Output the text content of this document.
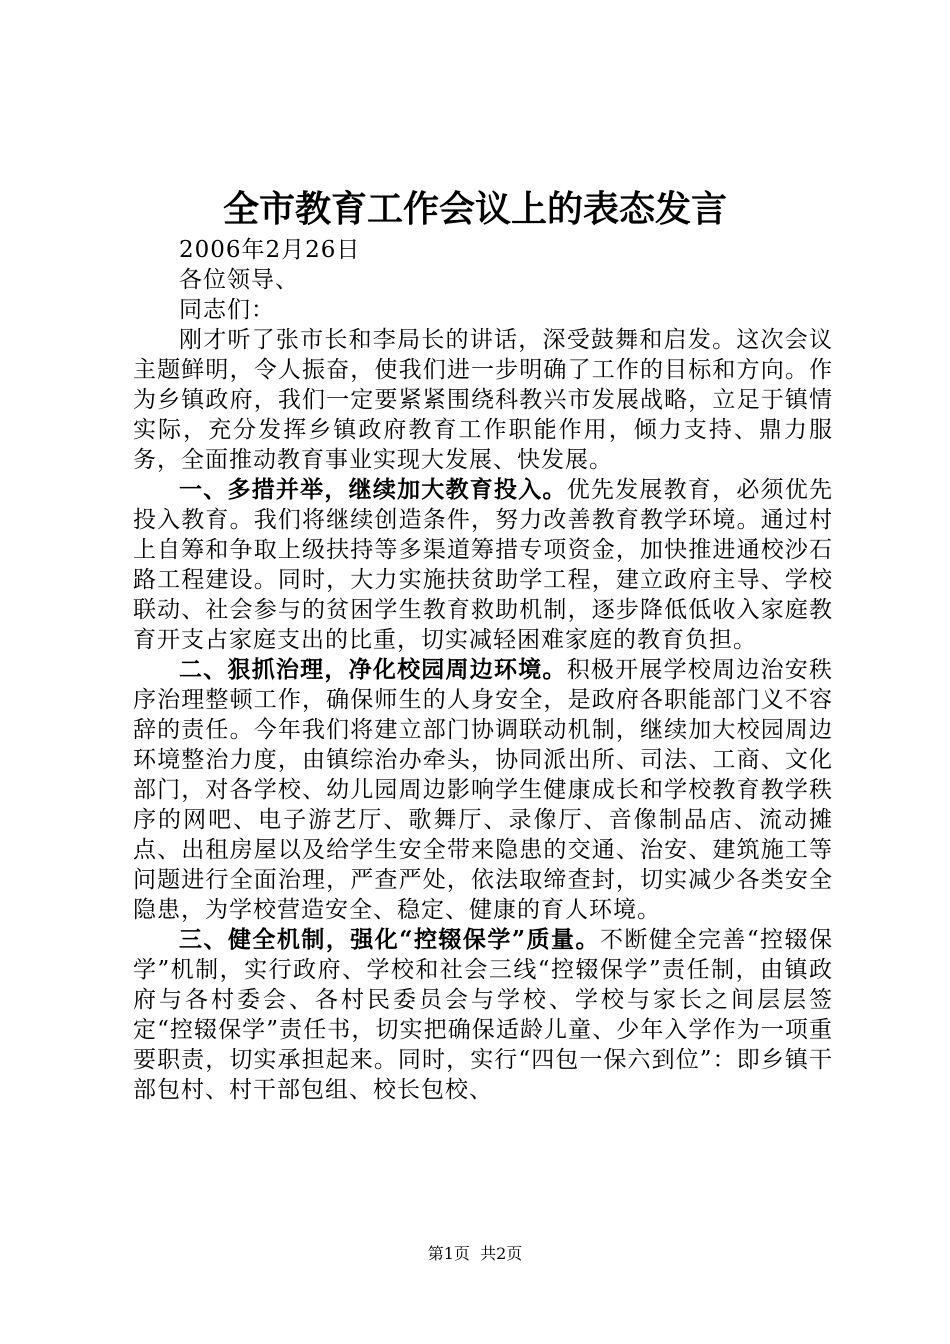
全市教育工作会议上的表态发言

2006年2月26日

各位领导、

同志们：

刚才听了张市长和李局长的讲话，深受鼓舞和启发。这次会议主题鲜明，令人振奋，使我们进一步明确了工作的目标和方向。作为乡镇政府，我们一定要紧紧围绕科教兴市发展战略，立足于镇情实际，充分发挥乡镇政府教育工作职能作用，倾力支持、鼎力服务，全面推动教育事业实现大发展、快发展。

一、多措并举，继续加大教育投入。优先发展教育，必须优先投入教育。我们将继续创造条件，努力改善教育教学环境。通过村上自筹和争取上级扶持等多渠道筹措专项资金，加快推进通校沙石路工程建设。同时，大力实施扶贫助学工程，建立政府主导、学校联动、社会参与的贫困学生教育救助机制，逐步降低低收入家庭教育开支占家庭支出的比重，切实减轻困难家庭的教育负担。

二、狠抓治理，净化校园周边环境。积极开展学校周边治安秩序治理整顿工作，确保师生的人身安全，是政府各职能部门义不容辞的责任。今年我们将建立部门协调联动机制，继续加大校园周边环境整治力度，由镇综治办牵头，协同派出所、司法、工商、文化部门，对各学校、幼儿园周边影响学生健康成长和学校教育教学秩序的网吧、电子游艺厅、歌舞厅、录像厅、音像制品店、流动摊点、出租房屋以及给学生安全带来隐患的交通、治安、建筑施工等问题进行全面治理，严查严处，依法取缔查封，切实减少各类安全隐患，为学校营造安全、稳定、健康的育人环境。

三、健全机制，强化“控辍保学”质量。不断健全完善“控辍保学”机制，实行政府、学校和社会三线“控辍保学”责任制，由镇政府与各村委会、各村民委员会与学校、学校与家长之间层层签定“控辍保学”责任书，切实把确保适龄儿童、少年入学作为一项重要职责，切实承担起来。同时，实行“四包一保六到位”：即乡镇干部包村、村干部包组、校长包校、

第1页 共2页
